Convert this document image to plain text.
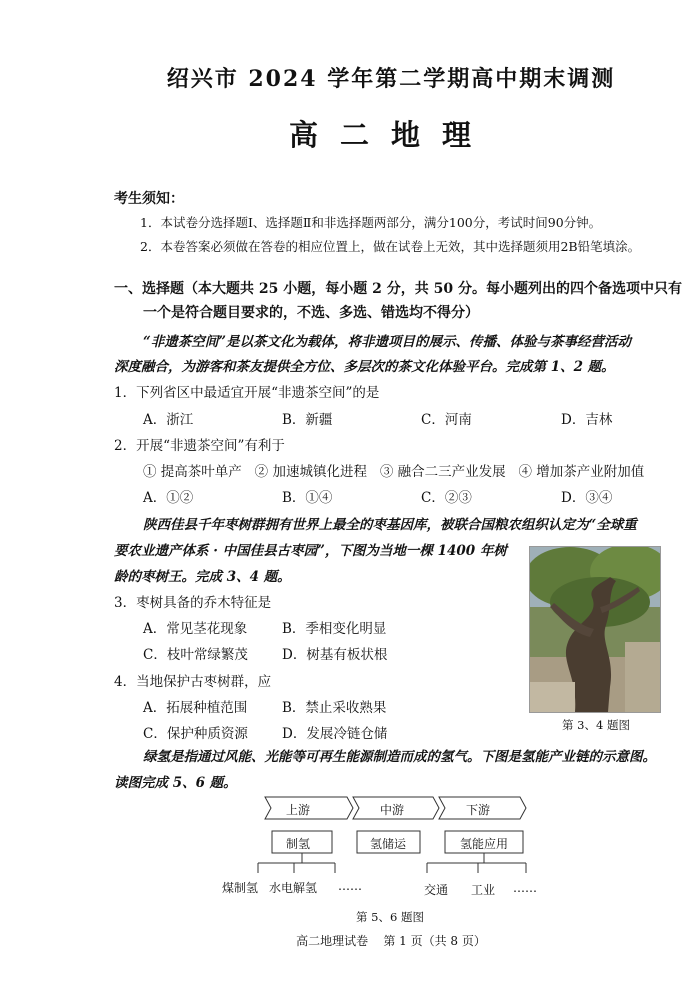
绍兴市 2024 学年第二学期高中期末调测
高二地理
考生须知：
1．本试卷分选择题Ⅰ、选择题Ⅱ和非选择题两部分，满分100分，考试时间90分钟。
2．本卷答案必须做在答卷的相应位置上，做在试卷上无效，其中选择题须用2B铅笔填涂。
一、选择题（本大题共 25 小题，每小题 2 分，共 50 分。每小题列出的四个备选项中只有
一个是符合题目要求的，不选、多选、错选均不得分）
“非遗茶空间”是以茶文化为载体，将非遗项目的展示、传播、体验与茶事经营活动
深度融合，为游客和茶友提供全方位、多层次的茶文化体验平台。完成第 1、2 题。
1．下列省区中最适宜开展“非遗茶空间”的是
A．浙江	B．新疆	C．河南	D．吉林
2．开展“非遗茶空间”有利于
① 提高茶叶单产   ② 加速城镇化进程   ③ 融合二三产业发展   ④ 增加茶产业附加值
A．①②	B．①④	C．②③	D．③④
陕西佳县千年枣树群拥有世界上最全的枣基因库，被联合国粮农组织认定为“全球重
要农业遗产体系 · 中国佳县古枣园”，下图为当地一棵 1400 年树
龄的枣树王。完成 3、4 题。
3．枣树具备的乔木特征是
A．常见茎花现象	B．季相变化明显
C．枝叶常绿繁茂	D．树基有板状根
4．当地保护古枣树群，应
A．拓展种植范围	B．禁止采收熟果
C．保护种质资源	D．发展冷链仓储
第 3、4 题图
绿氢是指通过风能、光能等可再生能源制造而成的氢气。下图是氢能产业链的示意图。
读图完成 5、6 题。
上游	中游	下游
制氢	氢储运	氢能应用
煤制氢 水电解氢 ……	交通 工业 ……
第 5、6 题图
高二地理试卷    第 1 页（共 8 页）
